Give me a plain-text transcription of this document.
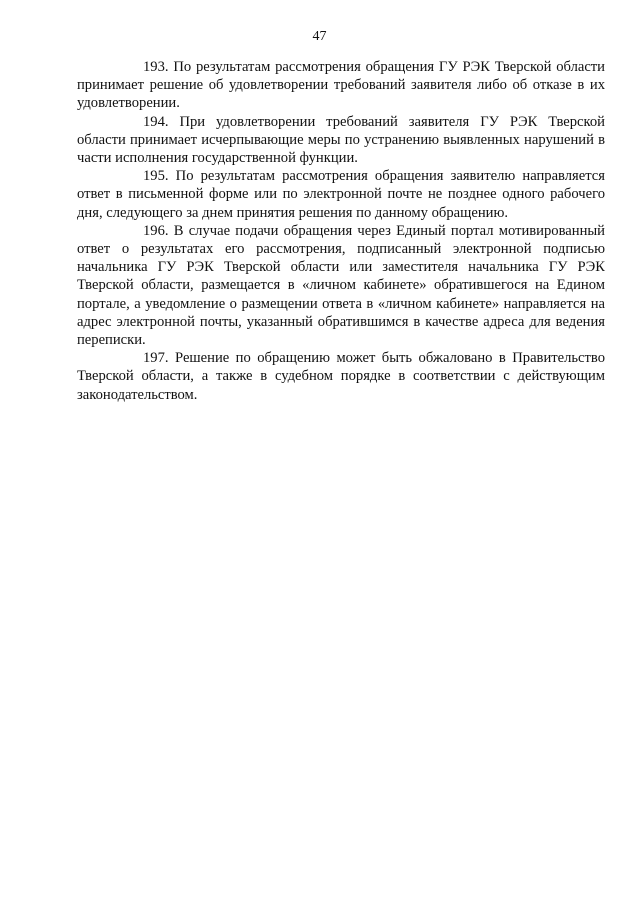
47

193. По результатам рассмотрения обращения ГУ РЭК Тверской области принимает решение об удовлетворении требований заявителя либо об отказе в их удовлетворении.

194. При удовлетворении требований заявителя ГУ РЭК Тверской области принимает исчерпывающие меры по устранению выявленных нарушений в части исполнения государственной функции.

195. По результатам рассмотрения обращения заявителю направляется ответ в письменной форме или по электронной почте не позднее одного рабочего дня, следующего за днем принятия решения по данному обращению.

196. В случае подачи обращения через Единый портал мотивированный ответ о результатах его рассмотрения, подписанный электронной подписью начальника ГУ РЭК Тверской области или заместителя начальника ГУ РЭК Тверской области, размещается в «личном кабинете» обратившегося на Едином портале, а уведомление о размещении ответа в «личном кабинете» направляется на адрес электронной почты, указанный обратившимся в качестве адреса для ведения переписки.

197. Решение по обращению может быть обжаловано в Правительство Тверской области, а также в судебном порядке в соответствии с действующим законодательством.
